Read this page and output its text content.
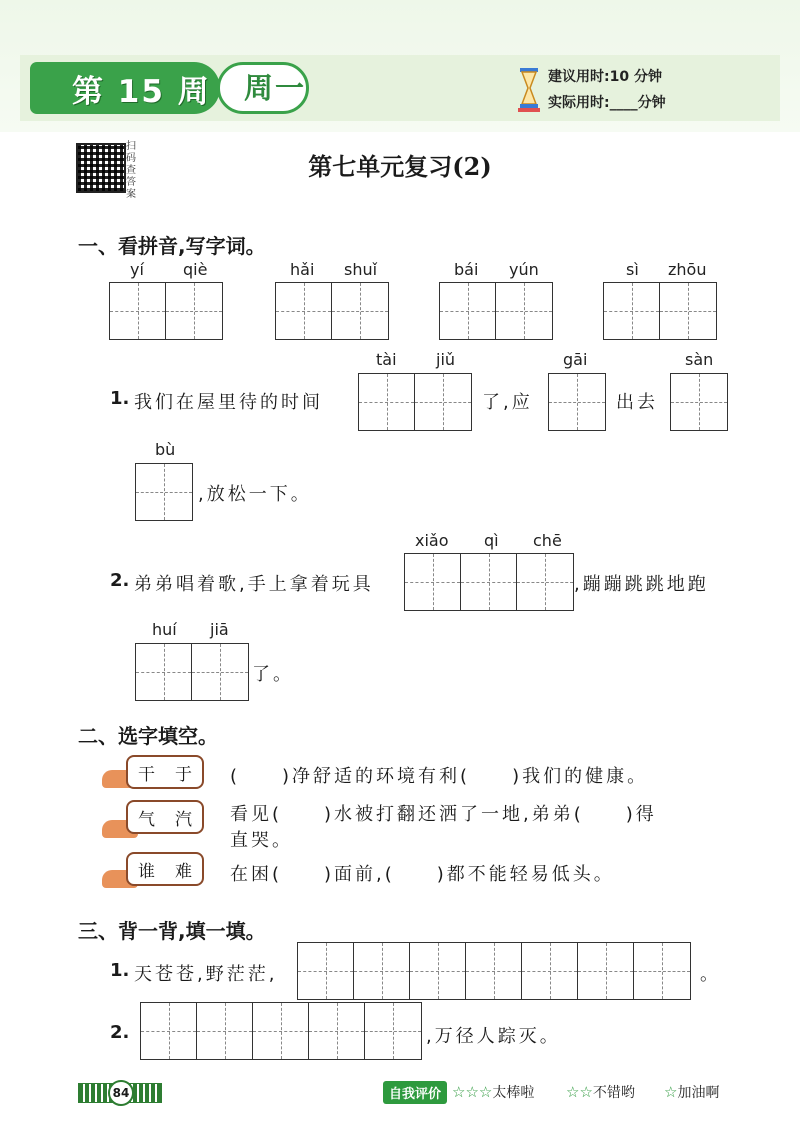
第 15 周 周一	建议用时:10 分钟
实际用时:____分钟
扫码查答案
第七单元复习(2)
一、看拼音,写字词。
yí qiè	hǎi shuǐ	bái yún	sì zhōu
tài jiǔ	gāi	sàn
1. 我们在屋里待的时间	了,应	出去
bù
,放松一下。
xiǎo qì chē
2. 弟弟唱着歌,手上拿着玩具	,蹦蹦跳跳地跑
huí jiā
了。
二、选字填空。
干 于 (　　)净舒适的环境有利(　　)我们的健康。
气 汽 看见(　　)水被打翻还洒了一地,弟弟(　　)得
直哭。
谁 难 在困(　　)面前,(　　)都不能轻易低头。
三、背一背,填一填。
1. 天苍苍,野茫茫,	。
2.	,万径人踪灭。
84	自我评价 ☆☆☆太棒啦 ☆☆不错哟 ☆加油啊
